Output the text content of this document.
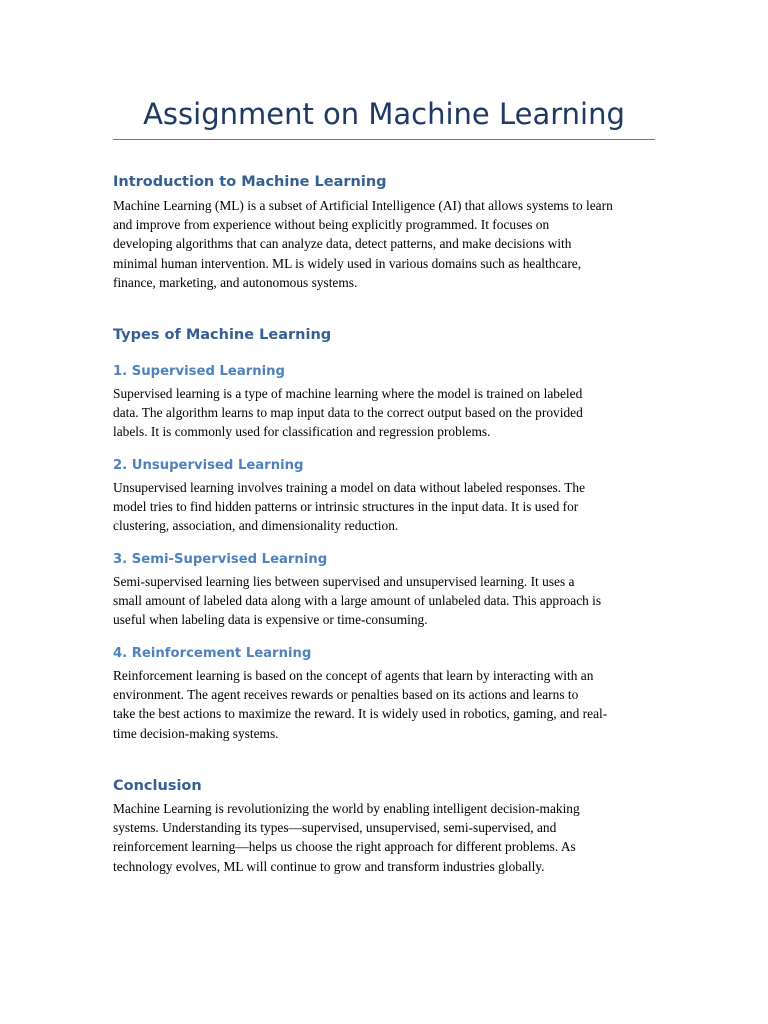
Assignment on Machine Learning
Introduction to Machine Learning

Machine Learning (ML) is a subset of Artificial Intelligence (AI) that allows systems to learn
and improve from experience without being explicitly programmed. It focuses on
developing algorithms that can analyze data, detect patterns, and make decisions with
minimal human intervention. ML is widely used in various domains such as healthcare,
finance, marketing, and autonomous systems.

Types of Machine Learning
1. Supervised Learning

Supervised learning is a type of machine learning where the model is trained on labeled
data. The algorithm learns to map input data to the correct output based on the provided
labels. It is commonly used for classification and regression problems.

2. Unsupervised Learning

Unsupervised learning involves training a model on data without labeled responses. The
model tries to find hidden patterns or intrinsic structures in the input data. It is used for
clustering, association, and dimensionality reduction.

3. Semi-Supervised Learning

Semi-supervised learning lies between supervised and unsupervised learning. It uses a
small amount of labeled data along with a large amount of unlabeled data. This approach is
useful when labeling data is expensive or time-consuming.

4. Reinforcement Learning

Reinforcement learning is based on the concept of agents that learn by interacting with an
environment. The agent receives rewards or penalties based on its actions and learns to
take the best actions to maximize the reward. It is widely used in robotics, gaming, and real-
time decision-making systems.

Conclusion

Machine Learning is revolutionizing the world by enabling intelligent decision-making
systems. Understanding its types—supervised, unsupervised, semi-supervised, and
reinforcement learning—helps us choose the right approach for different problems. As
technology evolves, ML will continue to grow and transform industries globally.
